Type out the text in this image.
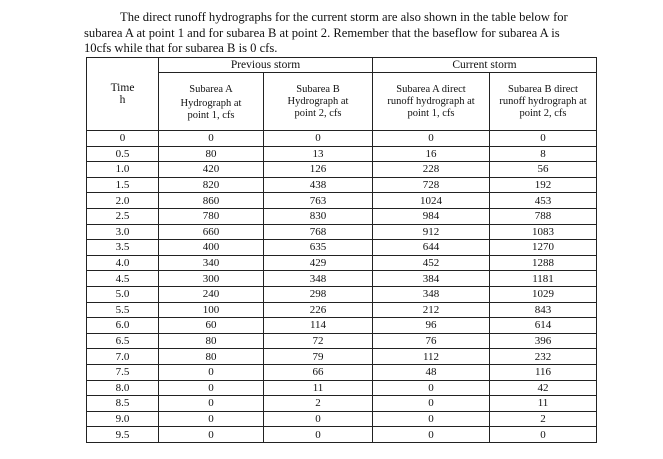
The direct runoff hydrographs for the current storm are also shown in the table below for
subarea A at point 1 and for subarea B at point 2. Remember that the baseflow for subarea A is
10cfs while that for subarea B is 0 cfs.
Time
h	Previous storm		Current storm	

	Subarea A
Hydrograph at
point 1, cfs	Subarea B
Hydrograph at
point 2, cfs	Subarea A direct
runoff hydrograph at
point 1, cfs	Subarea B direct
runoff hydrograph at
point 2, cfs

0	0	0	0	0
0.5	80	13	16	8
1.0	420	126	228	56
1.5	820	438	728	192
2.0	860	763	1024	453
2.5	780	830	984	788
3.0	660	768	912	1083
3.5	400	635	644	1270
4.0	340	429	452	1288
4.5	300	348	384	1181
5.0	240	298	348	1029
5.5	100	226	212	843
6.0	60	114	96	614
6.5	80	72	76	396
7.0	80	79	112	232
7.5	0	66	48	116
8.0	0	11	0	42
8.5	0	2	0	11
9.0	0	0	0	2
9.5	0	0	0	0
